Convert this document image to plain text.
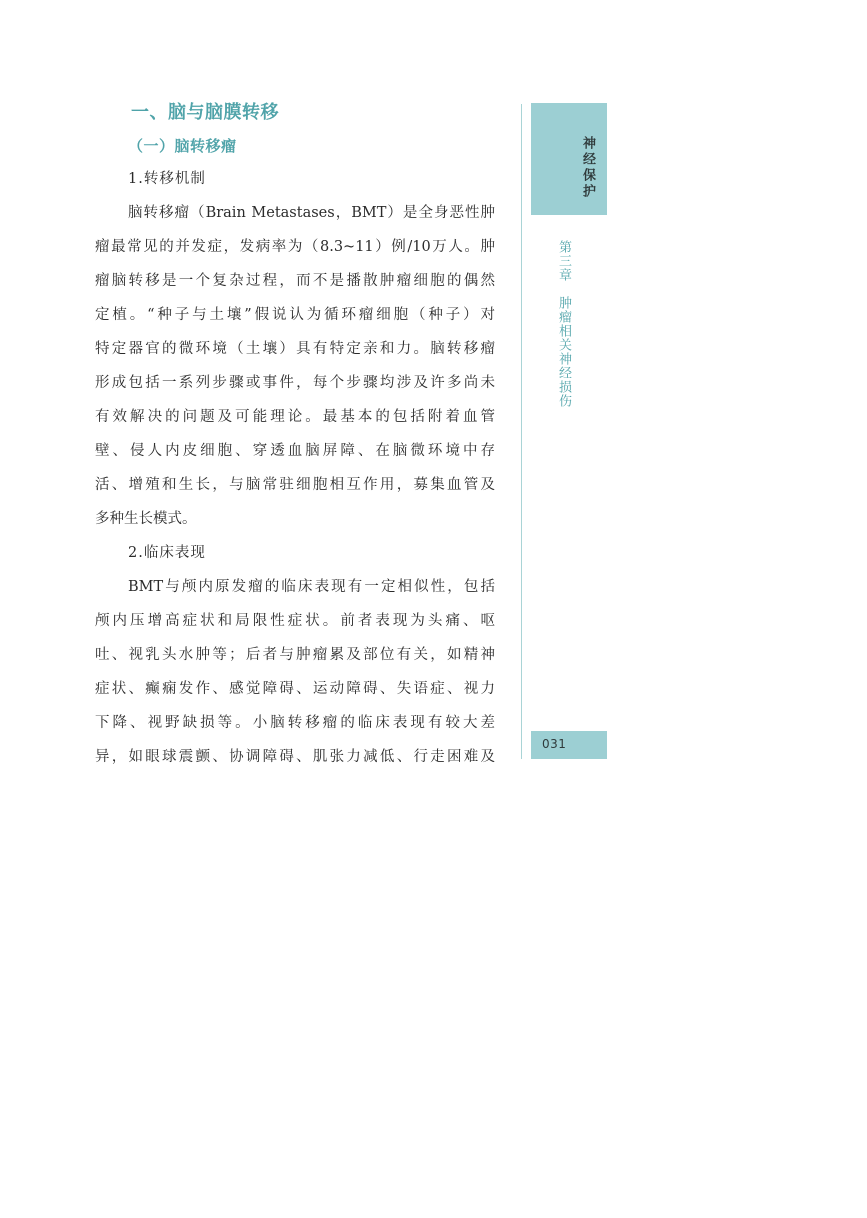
一、脑与脑膜转移
（一）脑转移瘤
1.转移机制

脑转移瘤（Brain Metastases，BMT）是全身恶性肿

瘤最常见的并发症，发病率为（8.3~11）例/10万人。肿

瘤脑转移是一个复杂过程，而不是播散肿瘤细胞的偶然

定植。“种子与土壤”假说认为循环瘤细胞（种子）对

特定器官的微环境（土壤）具有特定亲和力。脑转移瘤

形成包括一系列步骤或事件，每个步骤均涉及许多尚未

有效解决的问题及可能理论。最基本的包括附着血管

壁、侵人内皮细胞、穿透血脑屏障、在脑微环境中存

活、增殖和生长，与脑常驻细胞相互作用，募集血管及

多种生长模式。

2.临床表现

BMT与颅内原发瘤的临床表现有一定相似性，包括

颅内压增高症状和局限性症状。前者表现为头痛、呕

吐、视乳头水肿等；后者与肿瘤累及部位有关，如精神

症状、癫痫发作、感觉障碍、运动障碍、失语症、视力

下降、视野缺损等。小脑转移瘤的临床表现有较大差

异，如眼球震颤、协调障碍、肌张力减低、行走困难及

神经保护
第三章　肿瘤相关神经损伤
031
